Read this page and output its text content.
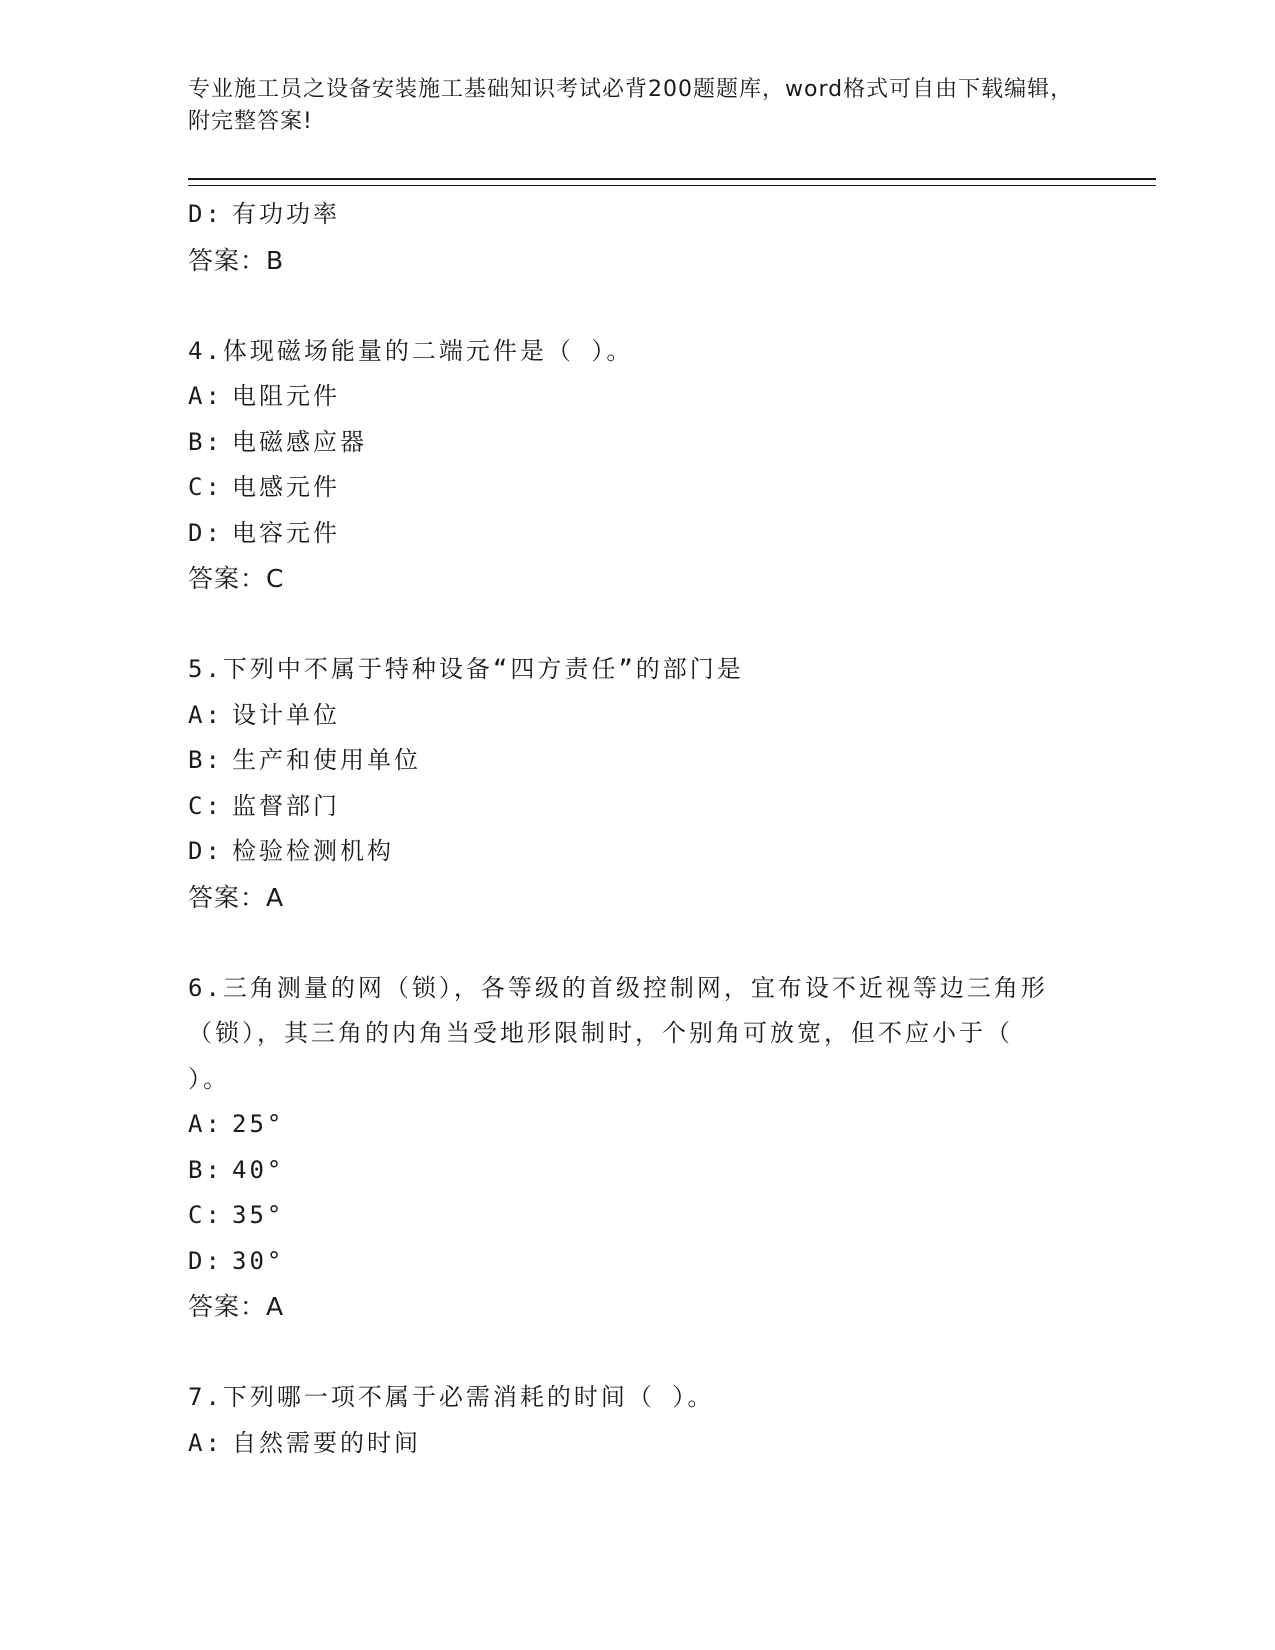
专业施工员之设备安装施工基础知识考试必背200题题库，word格式可自由下载编辑，附完整答案!
D: 有功功率
答案：B
4.体现磁场能量的二端元件是（ ）。
A: 电阻元件
B: 电磁感应器
C: 电感元件
D: 电容元件
答案：C
5.下列中不属于特种设备“四方责任”的部门是
A: 设计单位
B: 生产和使用单位
C: 监督部门
D: 检验检测机构
答案：A
6.三角测量的网（锁），各等级的首级控制网，宜布设不近视等边三角形（锁），其三角的内角当受地形限制时，个别角可放宽，但不应小于（ ）。
A: 25°
B: 40°
C: 35°
D: 30°
答案：A
7.下列哪一项不属于必需消耗的时间（ ）。
A: 自然需要的时间
